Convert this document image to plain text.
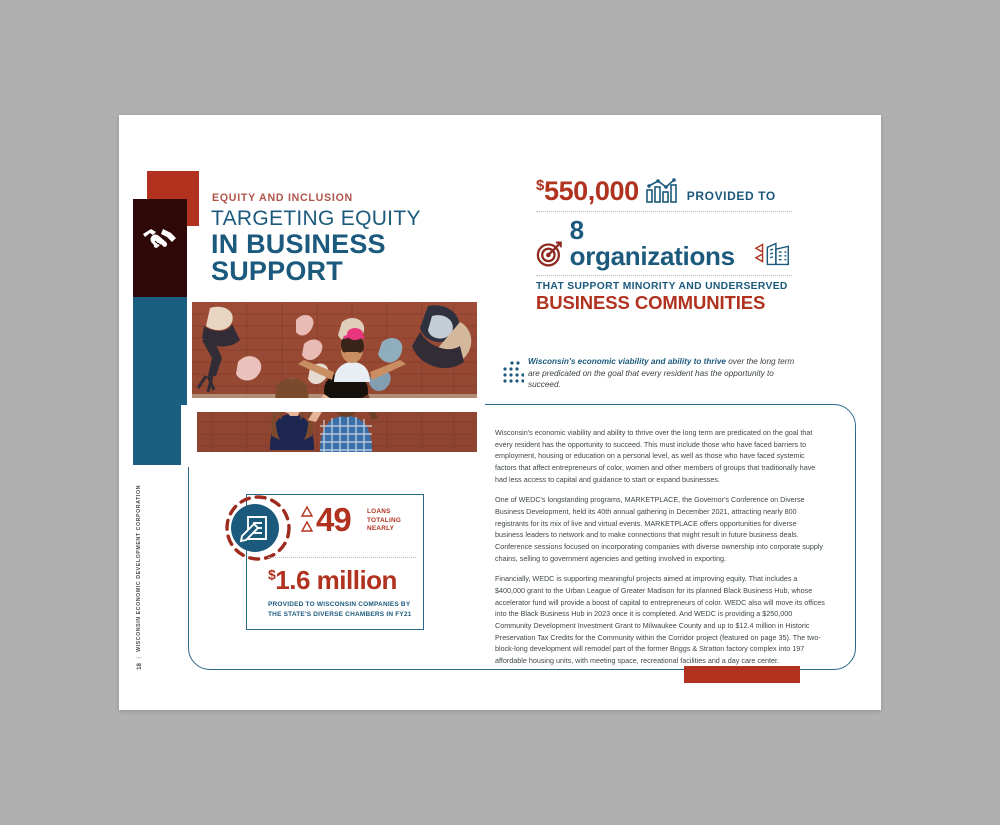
WISCONSIN ECONOMIC DEVELOPMENT CORPORATION
|
18
EQUITY AND INCLUSION
TARGETING EQUITY
IN BUSINESS
SUPPORT
$550,000	PROVIDED TO
8 organizations
THAT SUPPORT MINORITY AND UNDERSERVED
BUSINESS COMMUNITIES
Wisconsin's economic viability and ability to thrive over the long term are predicated on the goal that every resident has the opportunity to succeed.

Wisconsin's economic viability and ability to thrive over the long term are predicated on the goal that every resident has the opportunity to succeed. This must include those who have faced barriers to employment, housing or education on a personal level, as well as those who have faced systemic factors that affect entrepreneurs of color, women and other members of groups that traditionally have had less access to capital and guidance to start or expand businesses.

One of WEDC's longstanding programs, MARKETPLACE, the Governor's Conference on Diverse Business Development, held its 40th annual gathering in December 2021, attracting nearly 800 registrants for its mix of live and virtual events. MARKETPLACE offers opportunities for diverse business leaders to network and to make connections that might result in future business deals. Conference sessions focused on incorporating companies with diverse ownership into corporate supply chains, selling to government agencies and getting involved in exporting.

Financially, WEDC is supporting meaningful projects aimed at improving equity. That includes a $400,000 grant to the Urban League of Greater Madison for its planned Black Business Hub, whose accelerator fund will provide a boost of capital to entrepreneurs of color. WEDC also will move its offices into the Black Business Hub in 2023 once it is completed. And WEDC is providing a $250,000 Community Development Investment Grant to Milwaukee County and up to $12.4 million in Historic Preservation Tax Credits for the Community within the Corridor project (featured on page 35). The two-block-long development will remodel part of the former Briggs & Stratton factory complex into 197 affordable housing units, with meeting space, recreational facilities and a day care center.

49	LOANS
TOTALING
NEARLY
$1.6 million
PROVIDED TO WISCONSIN COMPANIES BY
THE STATE'S DIVERSE CHAMBERS IN FY21
